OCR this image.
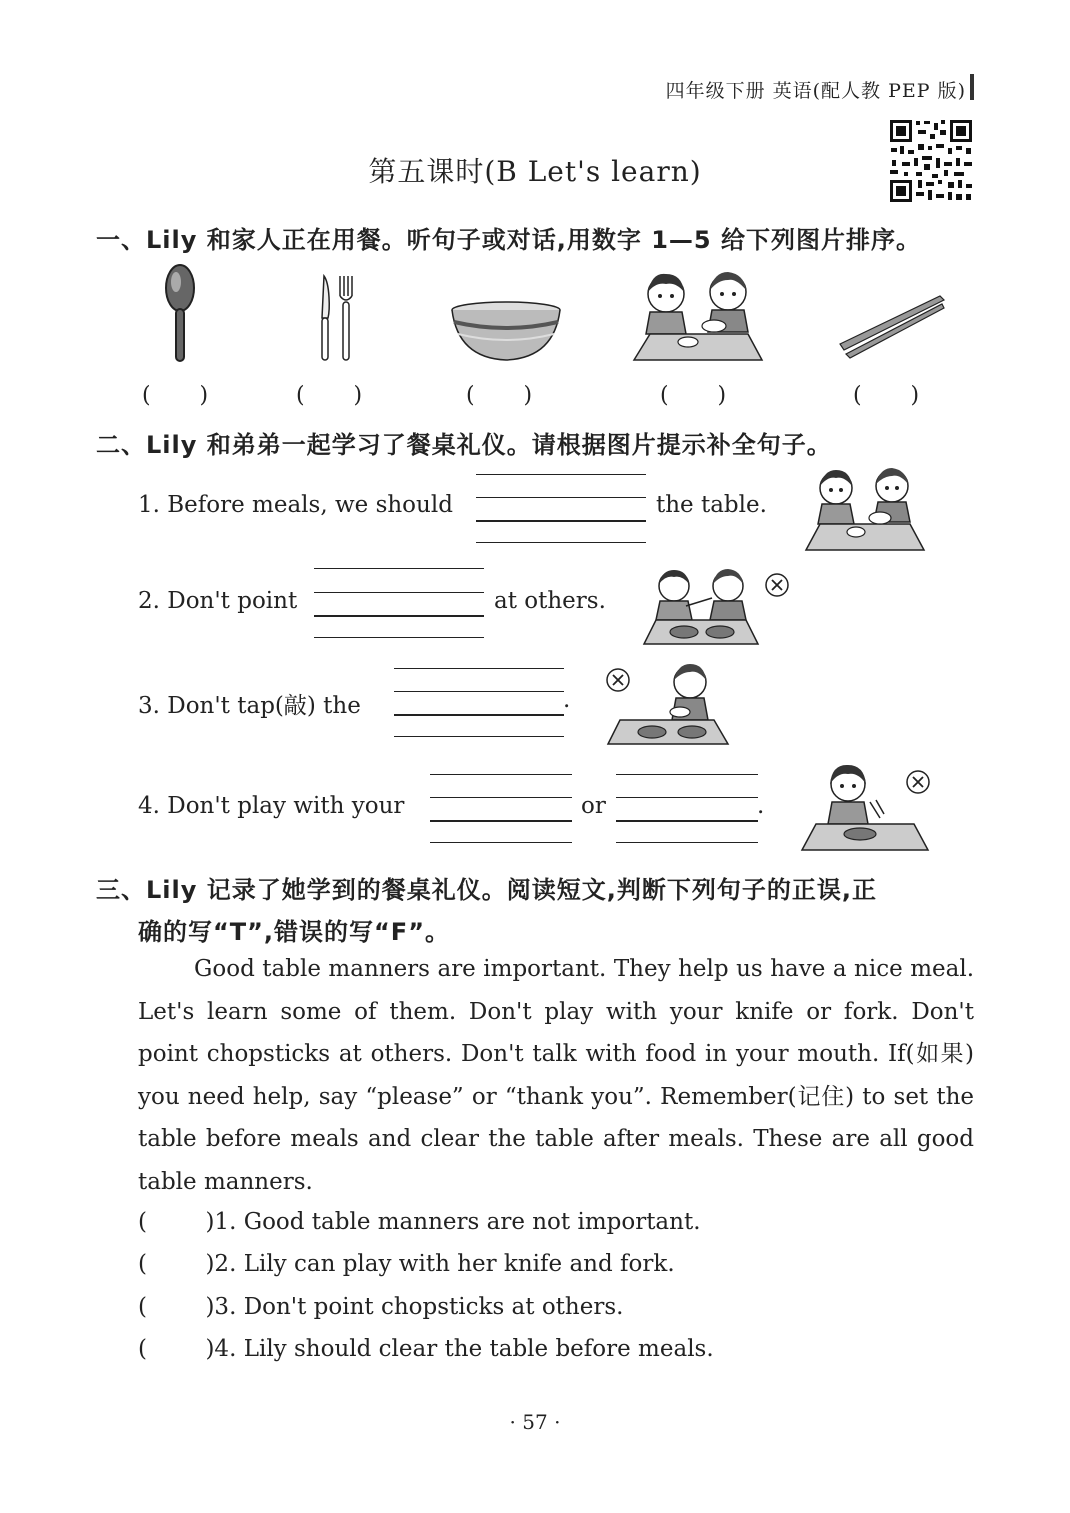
四年级下册 英语(配人教 PEP 版)
第五课时(B Let's learn)
一、Lily 和家人正在用餐。听句子或对话,用数字 1—5 给下列图片排序。
(       )	(       )	(       )	(       )	(       )
二、Lily 和弟弟一起学习了餐桌礼仪。请根据图片提示补全句子。
1. Before meals, we should	the table.
2. Don't point	at others.
3. Don't tap(敲) the	.
4. Don't play with your	or	.
三、Lily 记录了她学到的餐桌礼仪。阅读短文,判断下列句子的正误,正
确的写“T”,错误的写“F”。
Good table manners are important. They help us have a nice meal. Let's learn some of them. Don't play with your knife or fork. Don't point chopsticks at others. Don't talk with food in your mouth. If(如果) you need help, say “please” or “thank you”. Remember(记住) to set the table before meals and clear the table after meals. These are all good table manners.
(        )1. Good table manners are not important.
(        )2. Lily can play with her knife and fork.
(        )3. Don't point chopsticks at others.
(        )4. Lily should clear the table before meals.
· 57 ·
